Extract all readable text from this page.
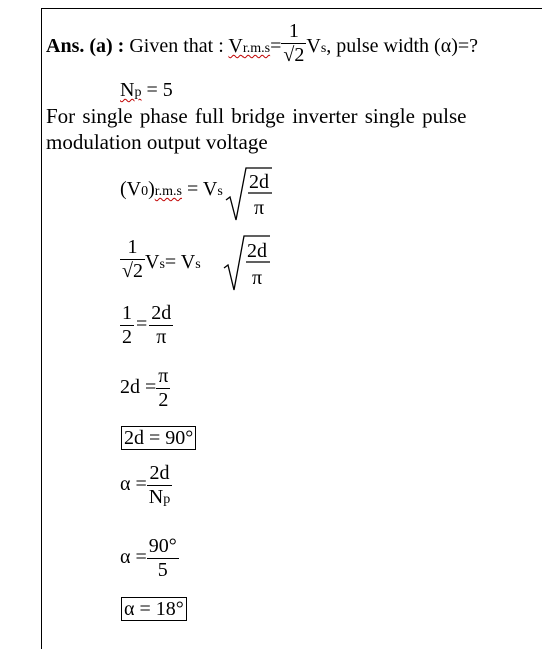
Ans. (a) : Given that : $Vr.m.s= \frac{1}{√2} Vs$, pulse width (α)=?
Np = 5
For single phase full bridge inverter single pulse
modulation output voltage
(V0)r.m.s = Vs 2d
π
$\frac{1}{√2} Vs= Vs$
2d
π
$\frac{1}{2} = \frac{2d}{\pi}$
$2d = \frac{\pi}{2}$
2d = 90°
$\alpha = \frac{2d}{Np}$
$\alpha = \frac{90^\circ}{5}$
α = 18°
